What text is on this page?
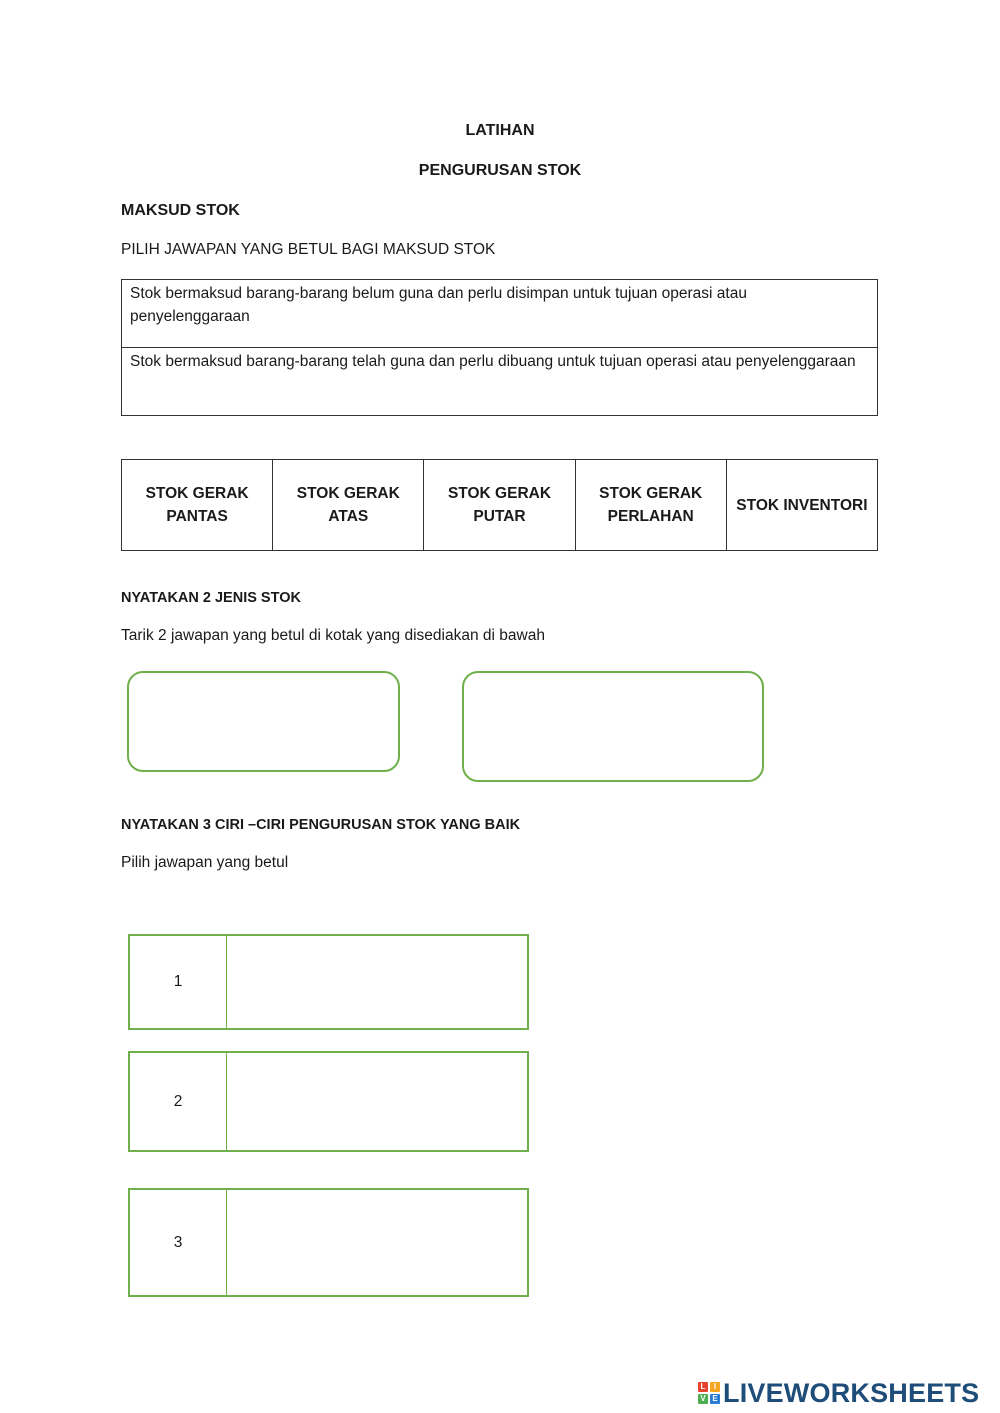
LATIHAN
PENGURUSAN STOK
MAKSUD STOK
PILIH JAWAPAN YANG BETUL BAGI MAKSUD STOK
Stok bermaksud barang-barang belum guna dan perlu disimpan untuk tujuan operasi atau penyelenggaraan
Stok bermaksud barang-barang telah guna dan perlu dibuang untuk tujuan operasi atau penyelenggaraan
STOK GERAK PANTAS
STOK GERAK ATAS
STOK GERAK PUTAR
STOK GERAK PERLAHAN
STOK INVENTORI
NYATAKAN 2 JENIS STOK
Tarik 2 jawapan yang betul di kotak yang disediakan di bawah
NYATAKAN 3 CIRI –CIRI PENGURUSAN STOK YANG BAIK
Pilih jawapan yang betul
1
2
3
L	I
V E LIVEWORKSHEETS
